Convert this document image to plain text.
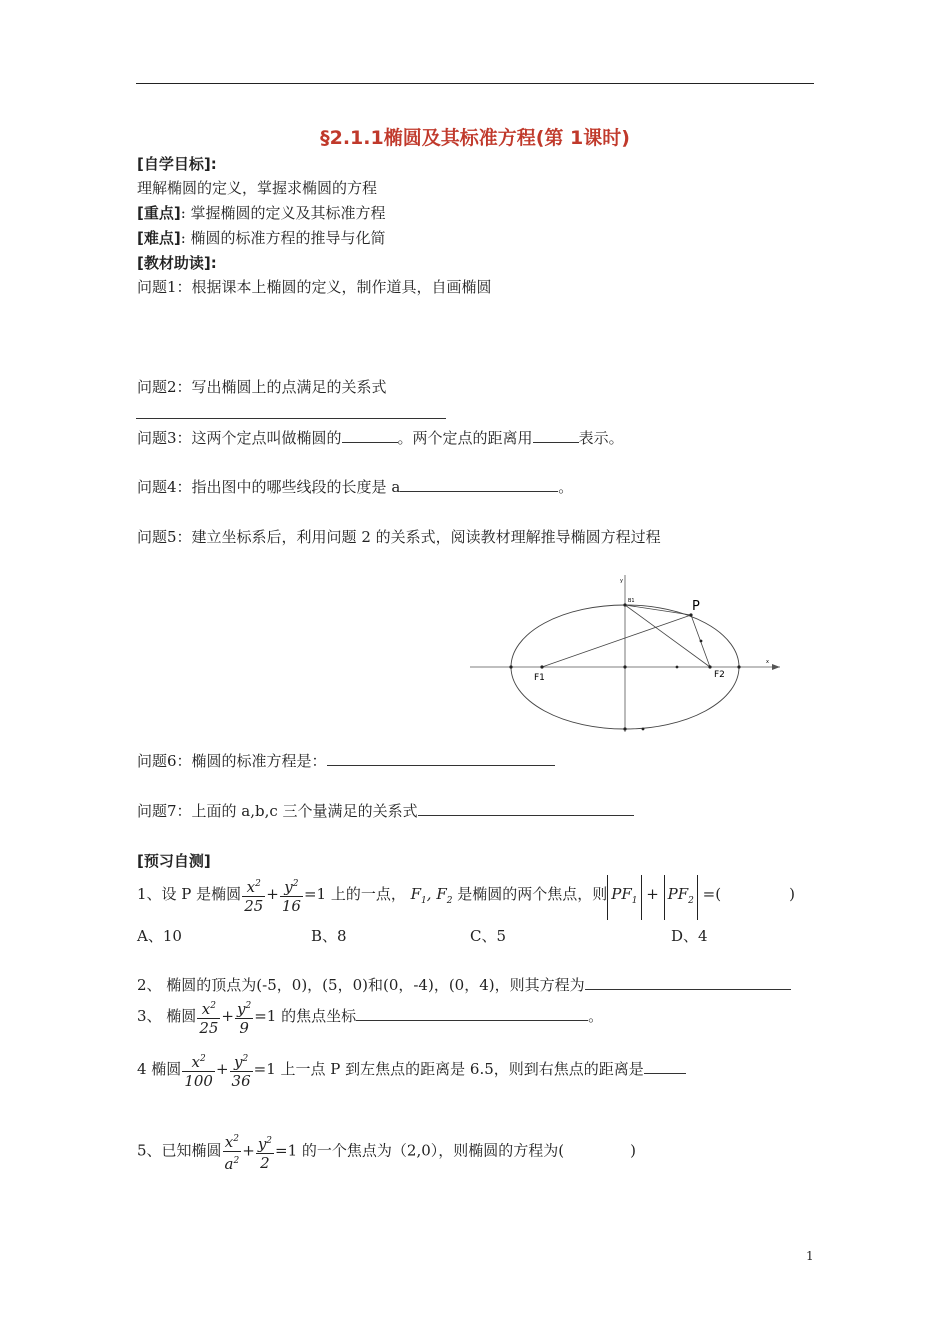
§2.1.1椭圆及其标准方程(第 1课时)
[自学目标]:
理解椭圆的定义，掌握求椭圆的方程
[重点]: 掌握椭圆的定义及其标准方程
[难点]: 椭圆的标准方程的推导与化简
[教材助读]:
问题1：根据课本上椭圆的定义，制作道具，自画椭圆
问题2：写出椭圆上的点满足的关系式
问题3：这两个定点叫做椭圆的	。两个定点的距离用	表示。
问题4：指出图中的哪些线段的长度是 a	。
问题5：建立坐标系后，利用问题 2 的关系式，阅读教材理解推导椭圆方程过程
P
F1	F2
B1
y
x
问题6：椭圆的标准方程是：
问题7：上面的 a,b,c 三个量满足的关系式
[预习自测]
1、设 P 是椭圆 $\frac{x^2}{25} + \frac{y^2}{16} =1$ 上的一点， $F_1$, $F_2$ 是椭圆的两个焦点，则 $PF_1 + PF_2$ =(	)
A、10	B、8	C、5	D、4
2、 椭圆的顶点为(-5，0)，(5，0)和(0，-4)，(0，4)，则其方程为
3、 椭圆 $\frac{x^2}{25} + \frac{y^2}{9} =1$ 的焦点坐标	。
4 椭圆 $\frac{x^2}{100} + \frac{y^2}{36} =1$ 上一点 P 到左焦点的距离是 6.5，则到右焦点的距离是
5、已知椭圆 $\frac{x^2}{a^2} + \frac{y^2}{2} =1$ 的一个焦点为（2,0），则椭圆的方程为(	)
1
